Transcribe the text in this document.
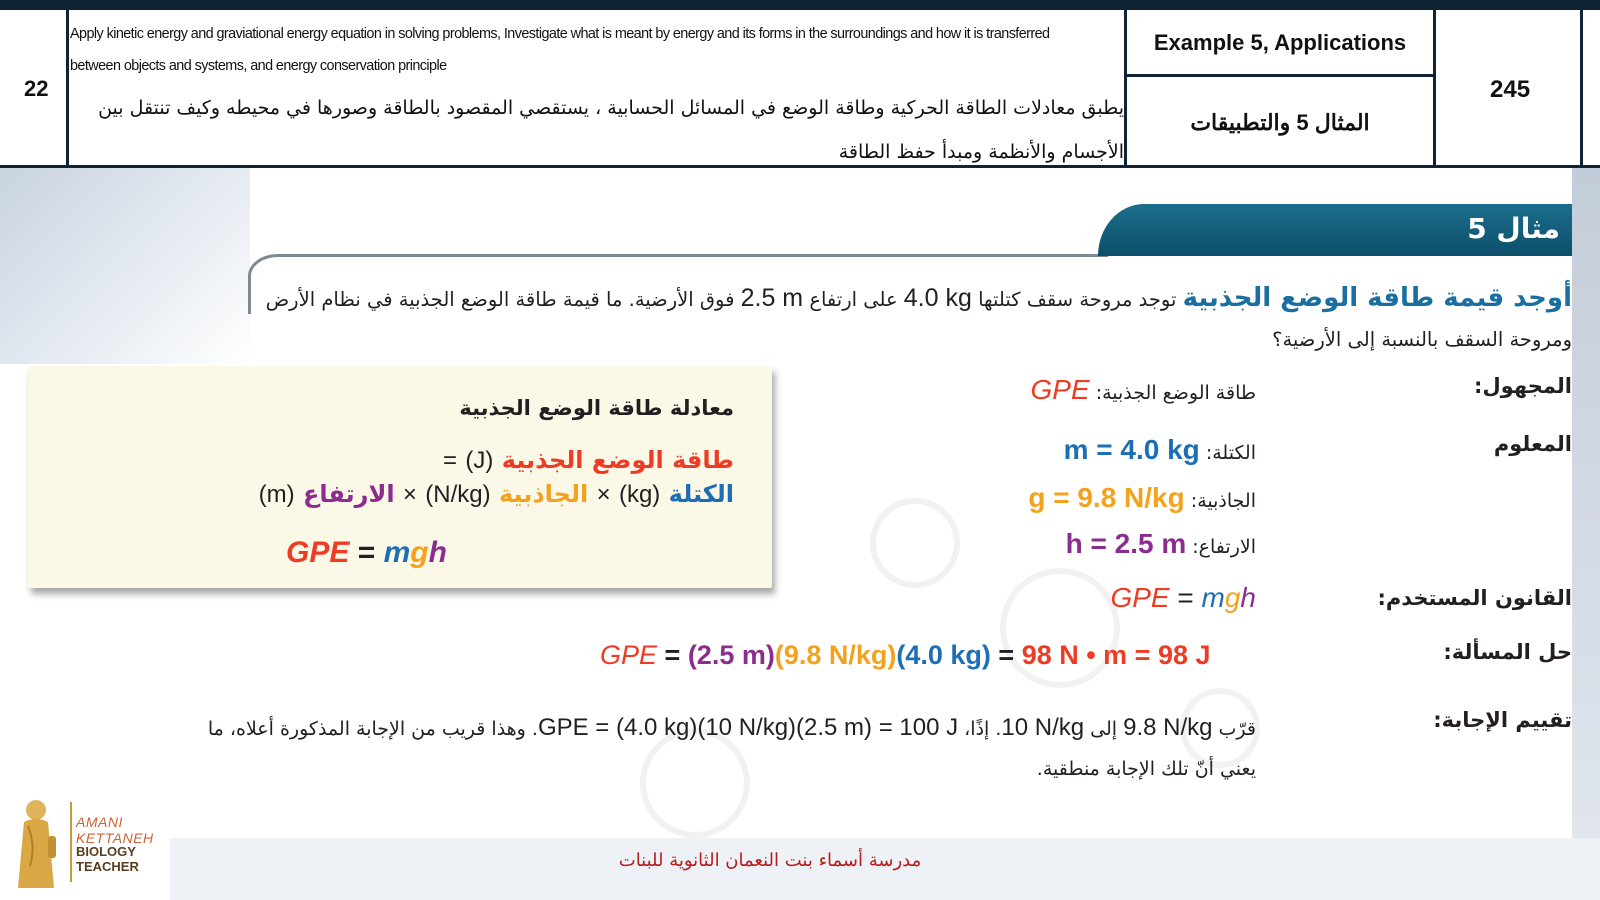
22
Apply kinetic energy and graviational energy equation in solving problems, Investigate what is meant by energy and its forms in the surroundings and how it is transferred between objects and systems, and energy conservation principle
يطبق معادلات الطاقة الحركية وطاقة الوضع في المسائل الحسابية ، يستقصي المقصود بالطاقة وصورها في محيطه وكيف تنتقل بين الأجسام والأنظمة ومبدأ حفظ الطاقة
Example 5, Applications
المثال 5 والتطبيقات
245
مثال 5
أوجد قيمة طاقة الوضع الجذبية توجد مروحة سقف كتلتها 4.0 kg على ارتفاع 2.5 m فوق الأرضية. ما قيمة طاقة الوضع الجذبية في نظام الأرض ومروحة السقف بالنسبة إلى الأرضية؟
معادلة طاقة الوضع الجذبية
طاقة الوضع الجذبية (J) =
الكتلة (kg) × الجاذبية (N/kg) × الارتفاع (m)
GPE = mgh
المجهول:
طاقة الوضع الجذبية: GPE
المعلوم
الكتلة: m = 4.0 kg
الجاذبية: g = 9.8 N/kg
الارتفاع: h = 2.5 m
القانون المستخدم:
GPE = mgh
حل المسألة:
GPE = (2.5 m)(9.8 N/kg)(4.0 kg) = 98 N • m = 98 J
تقييم الإجابة:
قرّب 9.8 N/kg إلى 10 N/kg. إذًا، GPE = (4.0 kg)(10 N/kg)(2.5 m) = 100 J. وهذا قريب من الإجابة المذكورة أعلاه، ما يعني أنّ تلك الإجابة منطقية.
AMANI KETTANEH
BIOLOGY TEACHER	مدرسة أسماء بنت النعمان الثانوية للبنات
